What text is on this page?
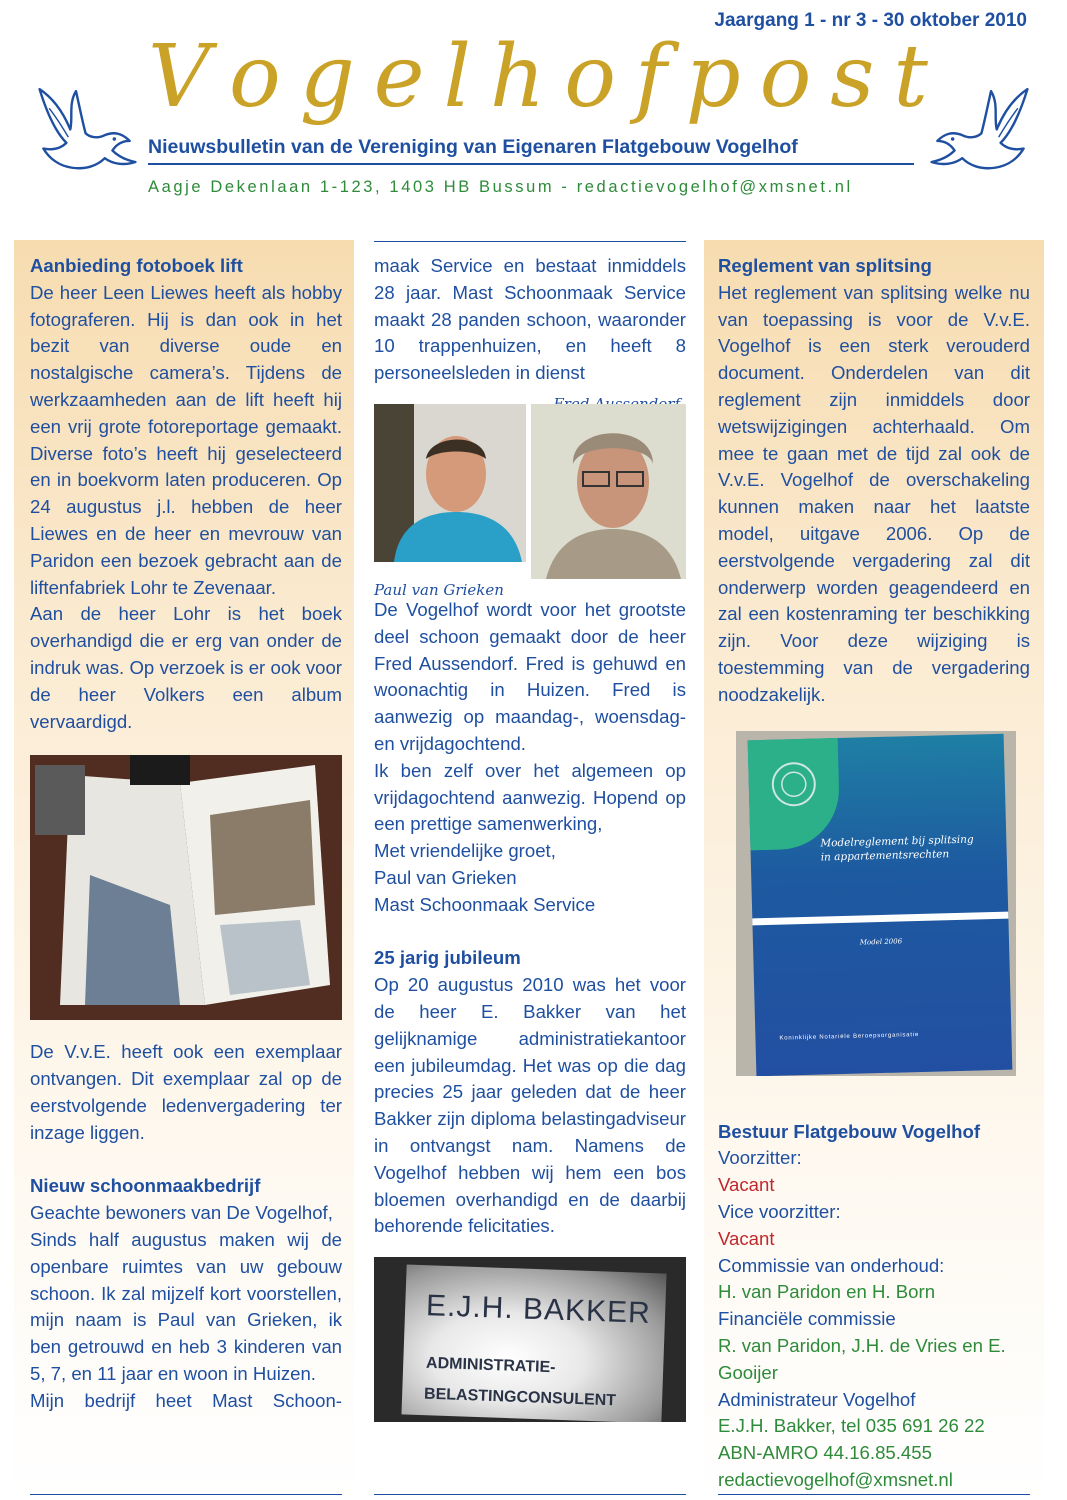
Jaargang 1 - nr 3 - 30 oktober 2010
V o g e l h o f p o s t
Nieuwsbulletin van de Vereniging van Eigenaren Flatgebouw Vogelhof
Aagje Dekenlaan 1-123, 1403 HB Bussum - redactievogelhof@xmsnet.nl
Aanbieding fotoboek lift

De heer Leen Liewes heeft als hobby fotograferen. Hij is dan ook in het bezit van diverse oude en nostalgische camera’s. Tijdens de werkzaamheden aan de lift heeft hij een vrij grote fotoreportage gemaakt. Diverse foto’s heeft hij geselecteerd en in boekvorm laten produceren. Op 24 augustus j.l. hebben de heer Liewes en de heer en mevrouw van Paridon een bezoek gebracht aan de liftenfabriek Lohr te Zevenaar.

Aan de heer Lohr is het boek overhandigd die er erg van onder de indruk was. Op verzoek is er ook voor de heer Volkers een album vervaardigd.

De V.v.E. heeft ook een exemplaar ontvangen. Dit exemplaar zal op de eerstvolgende ledenvergadering ter inzage liggen.

Nieuw schoonmaakbedrijf

Geachte bewoners van De Vogelhof,

Sinds half augustus maken wij de openbare ruimtes van uw gebouw schoon. Ik zal mijzelf kort voorstellen, mijn naam is Paul van Grieken, ik ben getrouwd en heb 3 kinderen van 5, 7, en 11 jaar en woon in Huizen.

Mijn bedrijf heet Mast Schoon-

maak Service en bestaat inmiddels 28 jaar. Mast Schoonmaak Service maakt 28 panden schoon, waaronder 10 trappenhuizen, en heeft 8 personeelsleden in dienst

Paul van Grieken

De Vogelhof wordt voor het grootste deel schoon gemaakt door de heer Fred Aussendorf. Fred is gehuwd en woonachtig in Huizen. Fred is aanwezig op maandag-, woensdag- en vrijdagochtend.

Ik ben zelf over het algemeen op vrijdagochtend aanwezig. Hopend op een prettige samenwerking,

Met vriendelijke groet,

Paul van Grieken

Mast Schoonmaak Service

25 jarig jubileum

Op 20 augustus 2010 was het voor de heer E. Bakker van het gelijknamige administratiekantoor een jubileumdag. Het was op die dag precies 25 jaar geleden dat de heer Bakker zijn diploma belastingadviseur in ontvangst nam. Namens de Vogelhof hebben wij hem een bos bloemen overhandigd en de daarbij behorende felicitaties.

E.J.H. BAKKER
ADMINISTRATIE-
BELASTINGCONSULENT
Reglement van splitsing

Het reglement van splitsing welke nu van toepassing is voor de V.v.E. Vogelhof is een sterk verouderd document. Onderdelen van dit reglement zijn inmiddels door wetswijzigingen achterhaald. Om mee te gaan met de tijd zal ook de V.v.E. Vogelhof de overschakeling kunnen maken naar het laatste model, uitgave 2006. Op de eerstvolgende vergadering zal dit onderwerp worden geagendeerd en zal een kostenraming ter beschikking zijn. Voor deze wijziging is toestemming van de vergadering noodzakelijk.

Modelreglement bij splitsing
in appartementsrechten
Model 2006
Koninklijke Notariële Beroepsorganisatie
Bestuur Flatgebouw Vogelhof

Voorzitter:

Vacant

Vice voorzitter:

Vacant

Commissie van onderhoud:

H. van Paridon en H. Born

Financiële commissie

R. van Paridon, J.H. de Vries en E. Gooijer

Administrateur Vogelhof

E.J.H. Bakker, tel 035 691 26 22

ABN-AMRO 44.16.85.455

redactievogelhof@xmsnet.nl
